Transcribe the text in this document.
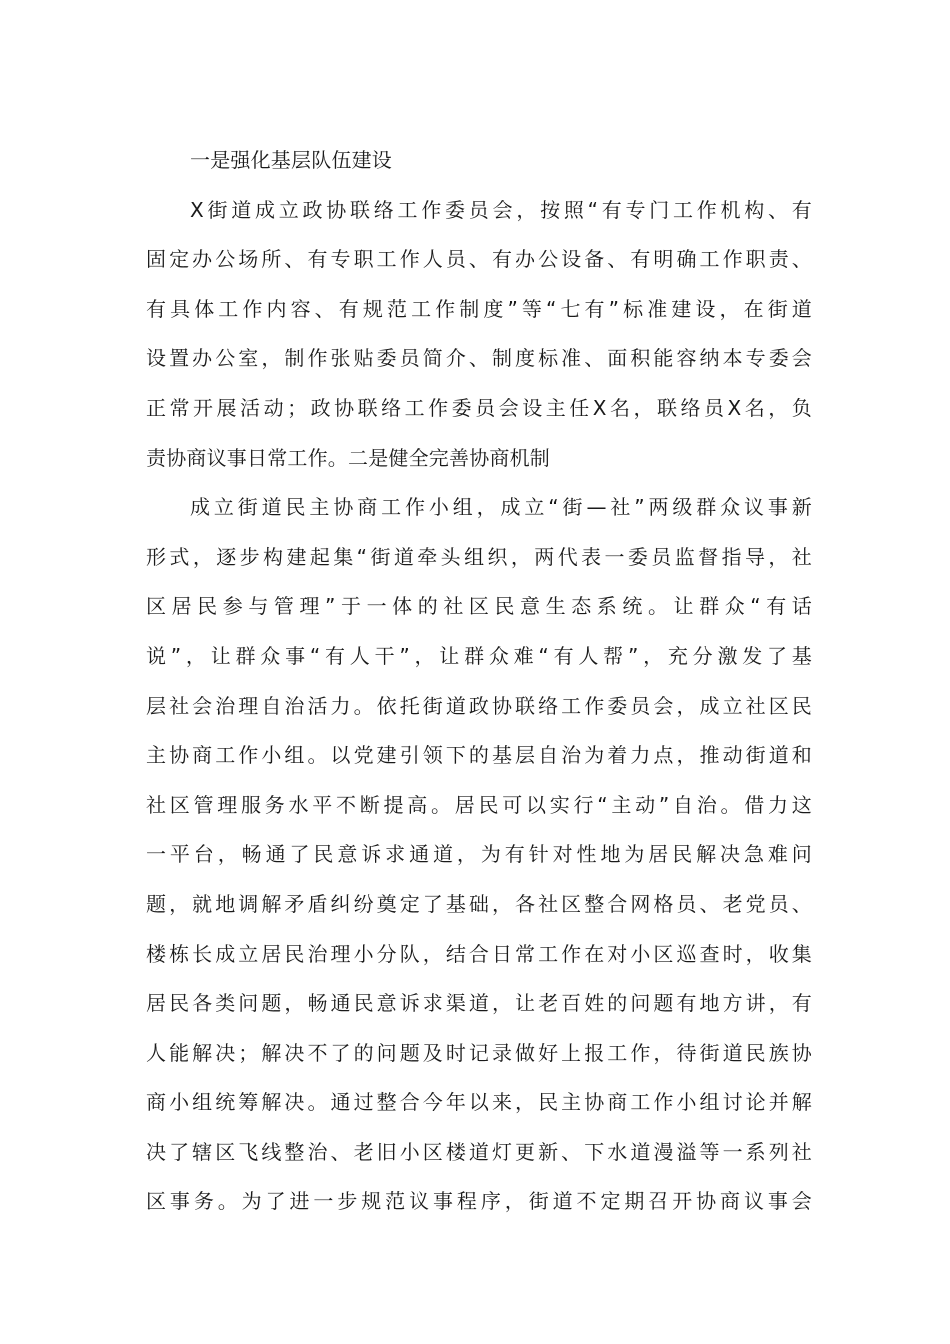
一是强化基层队伍建设
X街道成立政协联络工作委员会，按照“有专门工作机构、有
固定办公场所、有专职工作人员、有办公设备、有明确工作职责、
有具体工作内容、有规范工作制度”等“七有”标准建设，在街道
设置办公室，制作张贴委员简介、制度标准、面积能容纳本专委会
正常开展活动；政协联络工作委员会设主任X名，联络员X名，负
责协商议事日常工作。二是健全完善协商机制
成立街道民主协商工作小组，成立“街—社”两级群众议事新
形式，逐步构建起集“街道牵头组织，两代表一委员监督指导，社
区居民参与管理”于一体的社区民意生态系统。让群众“有话
说”，让群众事“有人干”，让群众难“有人帮”，充分激发了基
层社会治理自治活力。依托街道政协联络工作委员会，成立社区民
主协商工作小组。以党建引领下的基层自治为着力点，推动街道和
社区管理服务水平不断提高。居民可以实行“主动”自治。借力这
一平台，畅通了民意诉求通道，为有针对性地为居民解决急难问
题，就地调解矛盾纠纷奠定了基础，各社区整合网格员、老党员、
楼栋长成立居民治理小分队，结合日常工作在对小区巡查时，收集
居民各类问题，畅通民意诉求渠道，让老百姓的问题有地方讲，有
人能解决；解决不了的问题及时记录做好上报工作，待街道民族协
商小组统筹解决。通过整合今年以来，民主协商工作小组讨论并解
决了辖区飞线整治、老旧小区楼道灯更新、下水道漫溢等一系列社
区事务。为了进一步规范议事程序，街道不定期召开协商议事会
